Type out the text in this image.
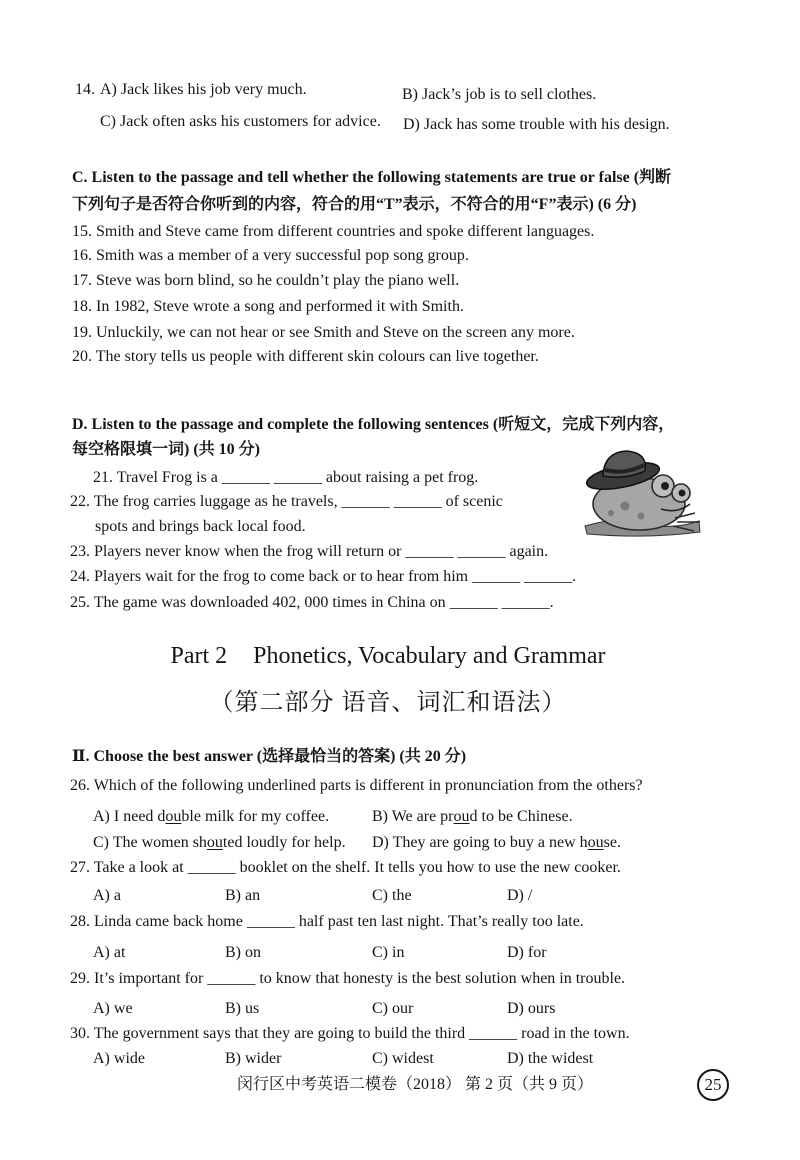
14. A) Jack likes his job very much.	B) Jack’s job is to sell clothes.
C) Jack often asks his customers for advice. D) Jack has some trouble with his design.
C. Listen to the passage and tell whether the following statements are true or false (判断
下列句子是否符合你听到的内容，符合的用“T”表示，不符合的用“F”表示) (6 分)
15. Smith and Steve came from different countries and spoke different languages.
16. Smith was a member of a very successful pop song group.
17. Steve was born blind, so he couldn’t play the piano well.
18. In 1982, Steve wrote a song and performed it with Smith.
19. Unluckily, we can not hear or see Smith and Steve on the screen any more.
20. The story tells us people with different skin colours can live together.
D. Listen to the passage and complete the following sentences (听短文，完成下列内容，
每空格限填一词) (共 10 分)
21. Travel Frog is a ______ ______ about raising a pet frog.
22. The frog carries luggage as he travels, ______ ______ of scenic
spots and brings back local food.
23. Players never know when the frog will return or ______ ______ again.
24. Players wait for the frog to come back or to hear from him ______ ______.
25. The game was downloaded 402, 000 times in China on ______ ______.
Part 2 Phonetics, Vocabulary and Grammar
（第二部分 语音、词汇和语法）
Ⅱ. Choose the best answer (选择最恰当的答案) (共 20 分)
26. Which of the following underlined parts is different in pronunciation from the others?
A) I need double milk for my coffee.	B) We are proud to be Chinese.
C) The women shouted loudly for help. D) They are going to buy a new house.
27. Take a look at ______ booklet on the shelf. It tells you how to use the new cooker.
A) a	B) an	C) the	D) /
28. Linda came back home ______ half past ten last night. That’s really too late.
A) at	B) on	C) in	D) for
29. It’s important for ______ to know that honesty is the best solution when in trouble.
A) we	B) us	C) our	D) ours
30. The government says that they are going to build the third ______ road in the town.
A) wide	B) wider	C) widest	D) the widest
闵行区中考英语二模卷（2018） 第 2 页（共 9 页）	25
